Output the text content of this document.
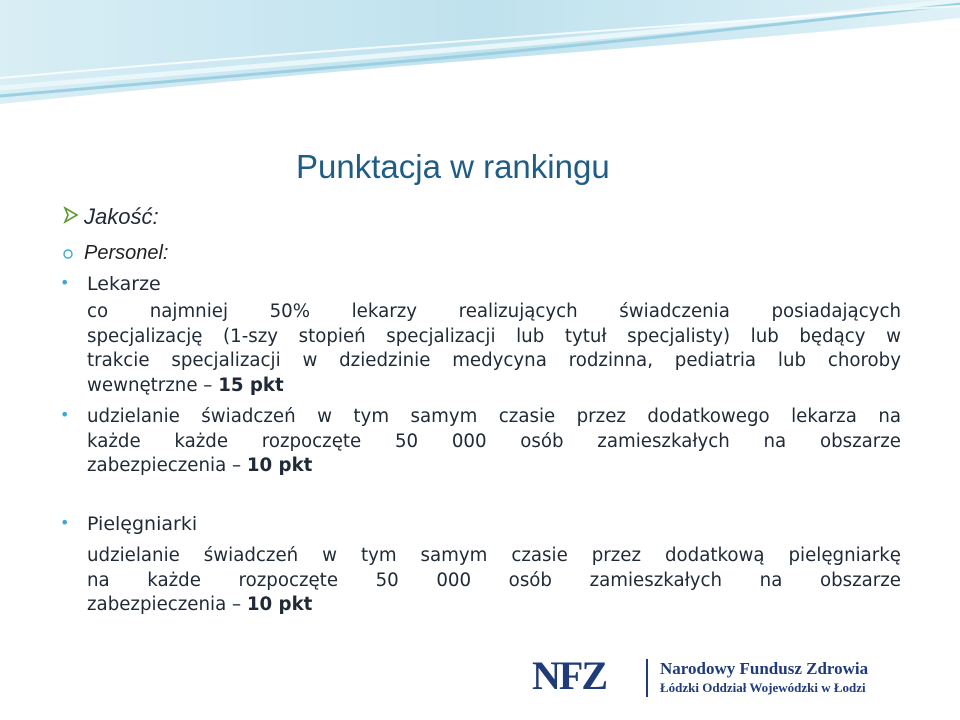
Punktacja w rankingu
Jakość:
Personel:
• Lekarze
co najmniej 50% lekarzy realizujących świadczenia posiadających
specjalizację (1-szy stopień specjalizacji lub tytuł specjalisty) lub będący w
trakcie specjalizacji w dziedzinie medycyna rodzinna, pediatria lub choroby
wewnętrzne – 15 pkt
• udzielanie świadczeń w tym samym czasie przez dodatkowego lekarza na
każde każde rozpoczęte 50 000 osób zamieszkałych na obszarze
zabezpieczenia – 10 pkt
• Pielęgniarki
udzielanie świadczeń w tym samym czasie przez dodatkową pielęgniarkę
na każde rozpoczęte 50 000 osób zamieszkałych na obszarze
zabezpieczenia – 10 pkt
NFZ	Narodowy Fundusz Zdrowia
Łódzki Oddział Wojewódzki w Łodzi
